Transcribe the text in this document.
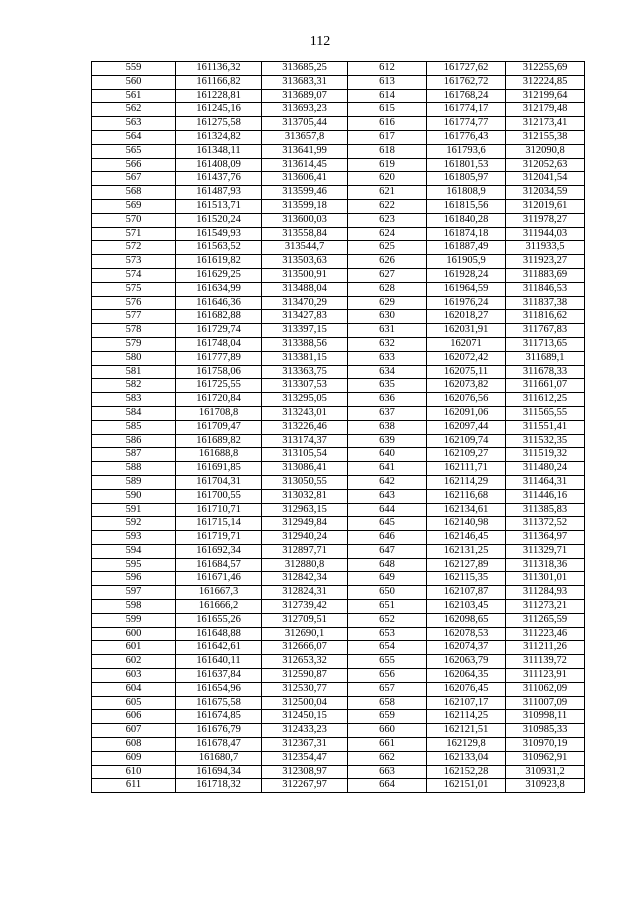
112
559	161136,32	313685,25	612	161727,62	312255,69
560	161166,82	313683,31	613	161762,72	312224,85
561	161228,81	313689,07	614	161768,24	312199,64
562	161245,16	313693,23	615	161774,17	312179,48
563	161275,58	313705,44	616	161774,77	312173,41
564	161324,82	313657,8	617	161776,43	312155,38
565	161348,11	313641,99	618	161793,6	312090,8
566	161408,09	313614,45	619	161801,53	312052,63
567	161437,76	313606,41	620	161805,97	312041,54
568	161487,93	313599,46	621	161808,9	312034,59
569	161513,71	313599,18	622	161815,56	312019,61
570	161520,24	313600,03	623	161840,28	311978,27
571	161549,93	313558,84	624	161874,18	311944,03
572	161563,52	313544,7	625	161887,49	311933,5
573	161619,82	313503,63	626	161905,9	311923,27
574	161629,25	313500,91	627	161928,24	311883,69
575	161634,99	313488,04	628	161964,59	311846,53
576	161646,36	313470,29	629	161976,24	311837,38
577	161682,88	313427,83	630	162018,27	311816,62
578	161729,74	313397,15	631	162031,91	311767,83
579	161748,04	313388,56	632	162071	311713,65
580	161777,89	313381,15	633	162072,42	311689,1
581	161758,06	313363,75	634	162075,11	311678,33
582	161725,55	313307,53	635	162073,82	311661,07
583	161720,84	313295,05	636	162076,56	311612,25
584	161708,8	313243,01	637	162091,06	311565,55
585	161709,47	313226,46	638	162097,44	311551,41
586	161689,82	313174,37	639	162109,74	311532,35
587	161688,8	313105,54	640	162109,27	311519,32
588	161691,85	313086,41	641	162111,71	311480,24
589	161704,31	313050,55	642	162114,29	311464,31
590	161700,55	313032,81	643	162116,68	311446,16
591	161710,71	312963,15	644	162134,61	311385,83
592	161715,14	312949,84	645	162140,98	311372,52
593	161719,71	312940,24	646	162146,45	311364,97
594	161692,34	312897,71	647	162131,25	311329,71
595	161684,57	312880,8	648	162127,89	311318,36
596	161671,46	312842,34	649	162115,35	311301,01
597	161667,3	312824,31	650	162107,87	311284,93
598	161666,2	312739,42	651	162103,45	311273,21
599	161655,26	312709,51	652	162098,65	311265,59
600	161648,88	312690,1	653	162078,53	311223,46
601	161642,61	312666,07	654	162074,37	311211,26
602	161640,11	312653,32	655	162063,79	311139,72
603	161637,84	312590,87	656	162064,35	311123,91
604	161654,96	312530,77	657	162076,45	311062,09
605	161675,58	312500,04	658	162107,17	311007,09
606	161674,85	312450,15	659	162114,25	310998,11
607	161676,79	312433,23	660	162121,51	310985,33
608	161678,47	312367,31	661	162129,8	310970,19
609	161680,7	312354,47	662	162133,04	310962,91
610	161694,34	312308,97	663	162152,28	310931,2
611	161718,32	312267,97	664	162151,01	310923,8
